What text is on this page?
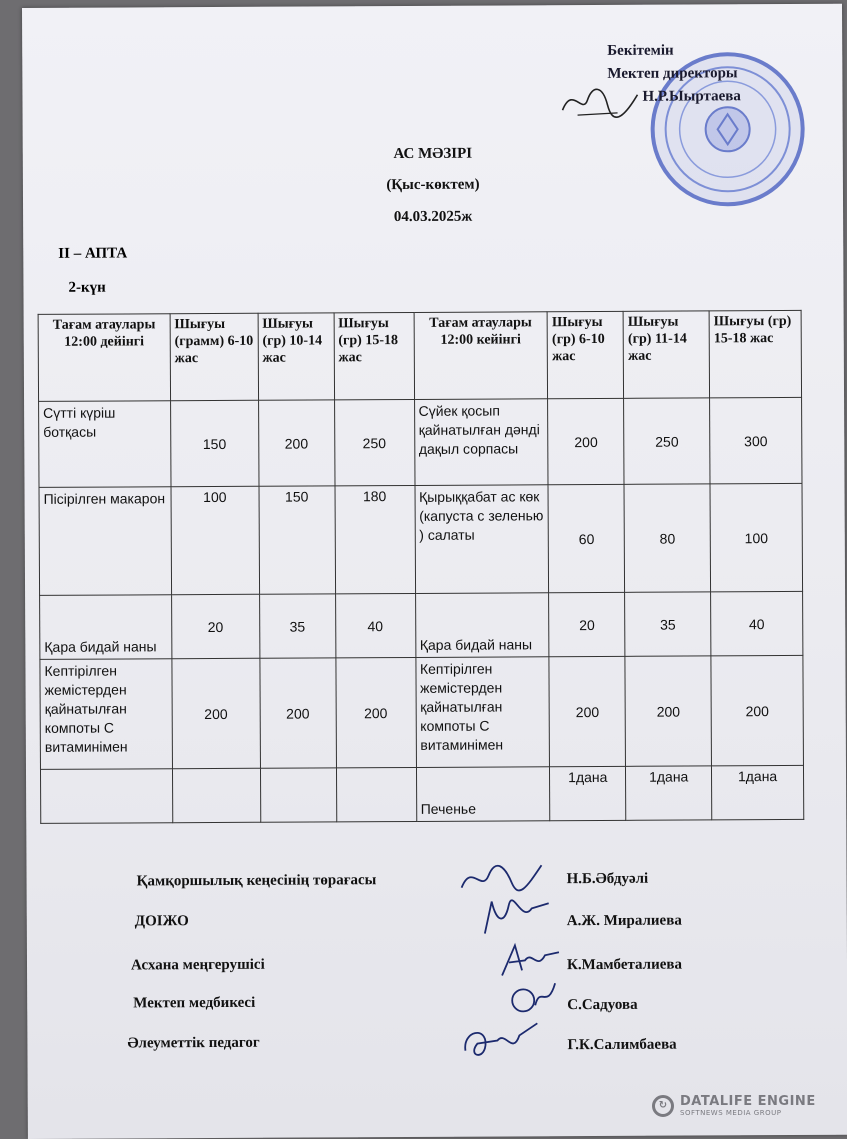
Бекітемін
Мектеп директоры
Н.Р.Ыыртаева
АС МӘЗІРІ
(Қыс-көктем)
04.03.2025ж
ІІ – АПТА
2-күн
Тағам атаулары 12:00 дейінгі	Шығуы (грамм) 6-10 жас	Шығуы (гр) 10-14 жас	Шығуы (гр) 15-18 жас	Тағам атаулары 12:00 кейінгі	Шығуы (гр) 6-10 жас	Шығуы (гр) 11-14 жас	Шығуы (гр) 15-18 жас
Сүтті күріш ботқасы	150	200	250	Сүйек қосып қайнатылған дәнді дақыл сорпасы	200	250	300
Пісірілген макарон	100	150	180	Қырыққабат ас көк (капуста с зеленью ) салаты	60	80	100
Қара бидай наны	20	35	40	Қара бидай наны	20	35	40
Кептірілген жемістерден қайнатылған компоты С витаминімен	200	200	200	Кептірілген жемістерден қайнатылған компоты С витаминімен	200	200	200
				Печенье	1дана	1дана	1дана
Қамқоршылық кеңесінің төрағасы	Н.Б.Әбдуәлі
ДОІЖО	А.Ж. Миралиева
Асхана меңгерушісі	К.Мамбеталиева
Мектеп медбикесі	С.Садуова
Әлеуметтік педагог	Г.К.Салимбаева
↻ DATALIFE ENGINE
SOFTNEWS MEDIA GROUP
